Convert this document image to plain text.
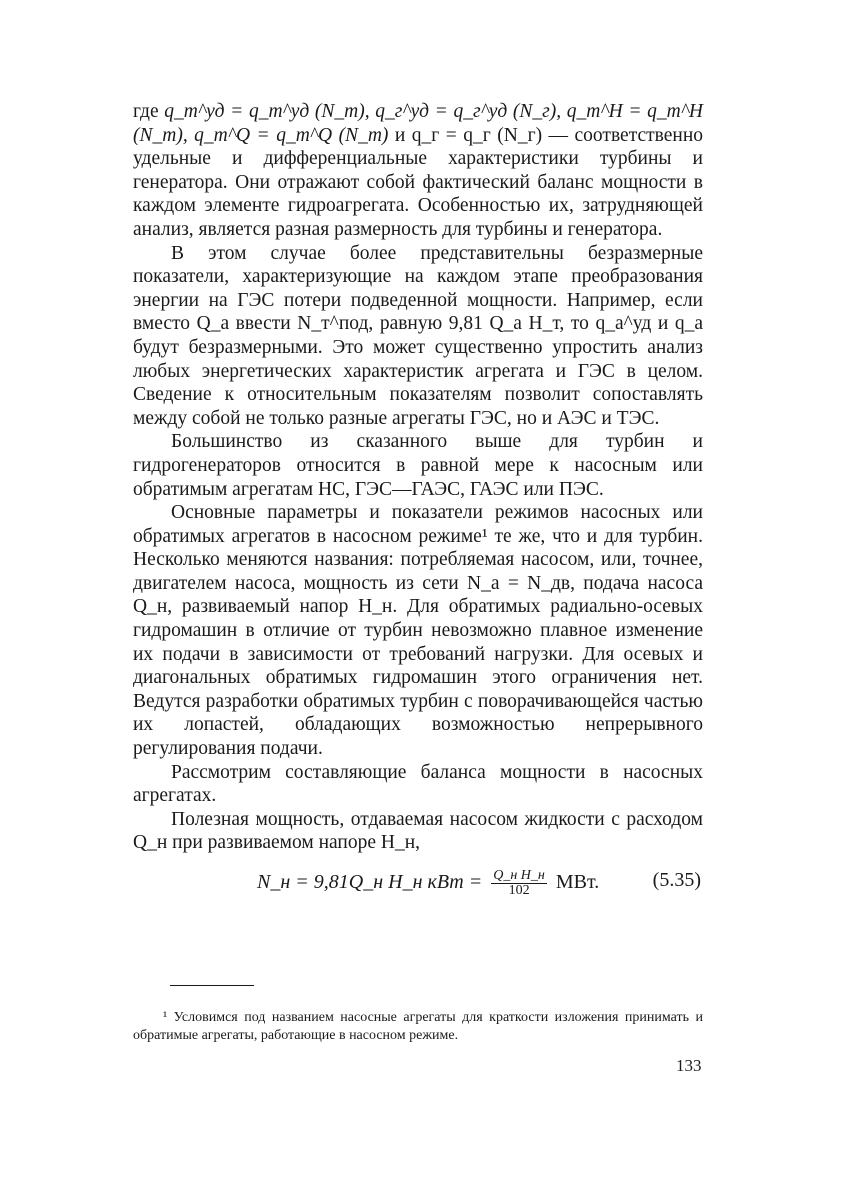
где q_т^уд = q_т^уд (N_т), q_г^уд = q_г^уд (N_г), q_т^H = q_т^H (N_т), q_т^Q = q_т^Q (N_т) и q_г = q_г (N_г) — соответственно удельные и дифференциальные характеристики турбины и генератора. Они отражают собой фактический баланс мощности в каждом элементе гидроагрегата. Особенностью их, затрудняющей анализ, является разная размерность для турбины и генератора.

В этом случае более представительны безразмерные показатели, характеризующие на каждом этапе преобразования энергии на ГЭС потери подведенной мощности. Например, если вместо Q_а ввести N_т^под, равную 9,81 Q_а H_т, то q_а^уд и q_а будут безразмерными. Это может существенно упростить анализ любых энергетических характеристик агрегата и ГЭС в целом. Сведение к относительным показателям позволит сопоставлять между собой не только разные агрегаты ГЭС, но и АЭС и ТЭС.

Большинство из сказанного выше для турбин и гидрогенераторов относится в равной мере к насосным или обратимым агрегатам НС, ГЭС—ГАЭС, ГАЭС или ПЭС.

Основные параметры и показатели режимов насосных или обратимых агрегатов в насосном режиме¹ те же, что и для турбин. Несколько меняются названия: потребляемая насосом, или, точнее, двигателем насоса, мощность из сети N_а = N_дв, подача насоса Q_н, развиваемый напор H_н. Для обратимых радиально-осевых гидромашин в отличие от турбин невозможно плавное изменение их подачи в зависимости от требований нагрузки. Для осевых и диагональных обратимых гидромашин этого ограничения нет. Ведутся разработки обратимых турбин с поворачивающейся частью их лопастей, обладающих возможностью непрерывного регулирования подачи.

Рассмотрим составляющие баланса мощности в насосных агрегатах.

Полезная мощность, отдаваемая насосом жидкости с расходом Q_н при развиваемом напоре H_н,

N_н = 9,81Q_н H_н кВт = $\frac{\text{Q\_н H\_н}}{102}$ МВт.	(5.35)

¹ Условимся под названием насосные агрегаты для краткости изложения принимать и обратимые агрегаты, работающие в насосном режиме.

133
